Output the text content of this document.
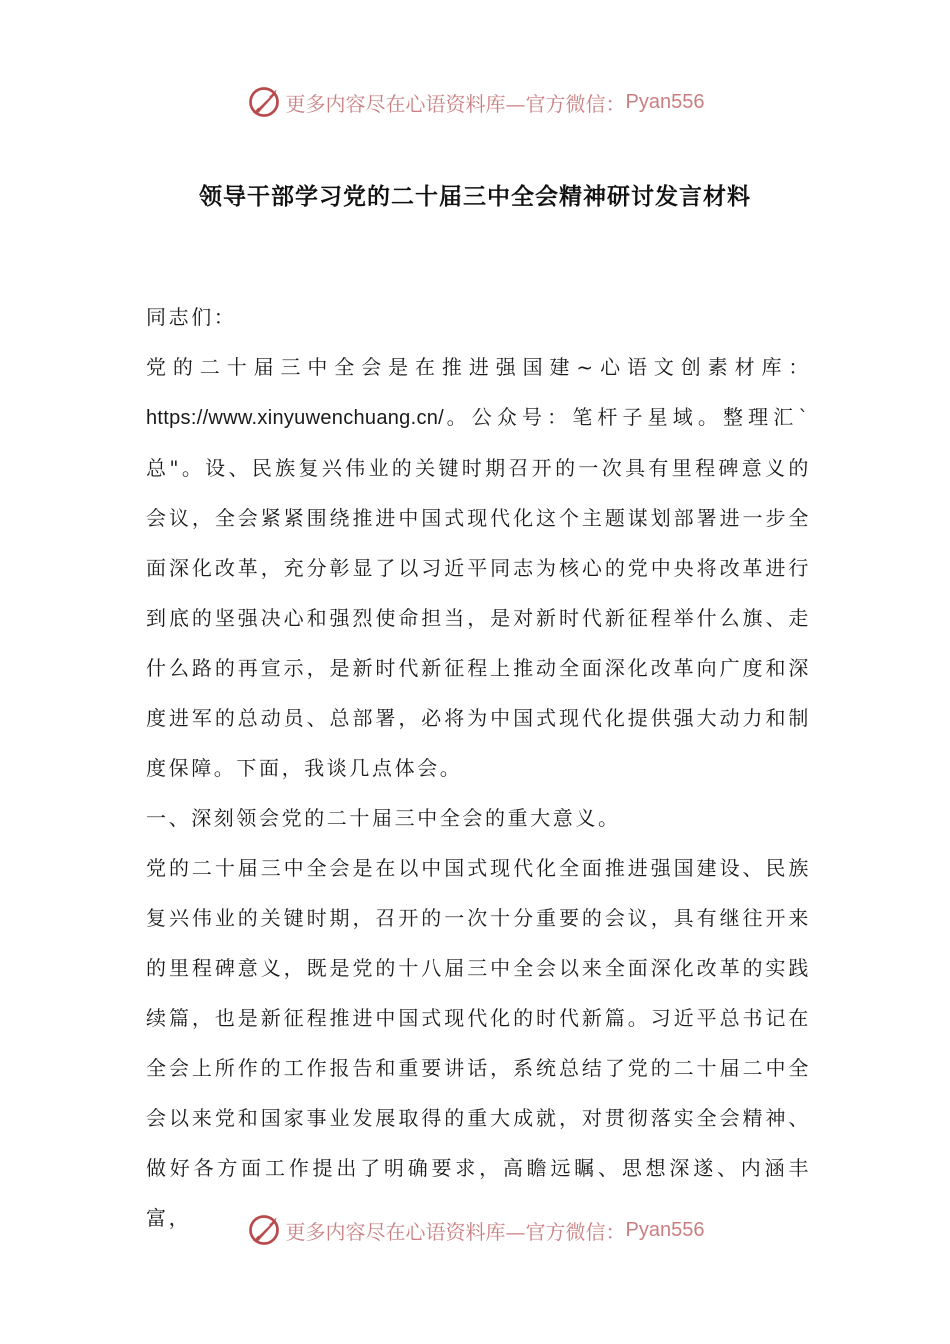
更多内容尽在心语资料库—官方微信： Pyan556
领导干部学习党的二十届三中全会精神研讨发言材料

同志们：

党的二十届三中全会是在推进强国建~心语文创素材库：https://www.xinyuwenchuang.cn/。公众号：笔杆子星域。整理汇`总"。设、民族复兴伟业的关键时期召开的一次具有里程碑意义的会议，全会紧紧围绕推进中国式现代化这个主题谋划部署进一步全面深化改革，充分彰显了以习近平同志为核心的党中央将改革进行到底的坚强决心和强烈使命担当，是对新时代新征程举什么旗、走什么路的再宣示，是新时代新征程上推动全面深化改革向广度和深度进军的总动员、总部署，必将为中国式现代化提供强大动力和制度保障。下面，我谈几点体会。

一、深刻领会党的二十届三中全会的重大意义。

党的二十届三中全会是在以中国式现代化全面推进强国建设、民族复兴伟业的关键时期，召开的一次十分重要的会议，具有继往开来的里程碑意义，既是党的十八届三中全会以来全面深化改革的实践续篇，也是新征程推进中国式现代化的时代新篇。习近平总书记在全会上所作的工作报告和重要讲话，系统总结了党的二十届二中全会以来党和国家事业发展取得的重大成就，对贯彻落实全会精神、做好各方面工作提出了明确要求，高瞻远瞩、思想深遂、内涵丰富，

更多内容尽在心语资料库—官方微信： Pyan556
